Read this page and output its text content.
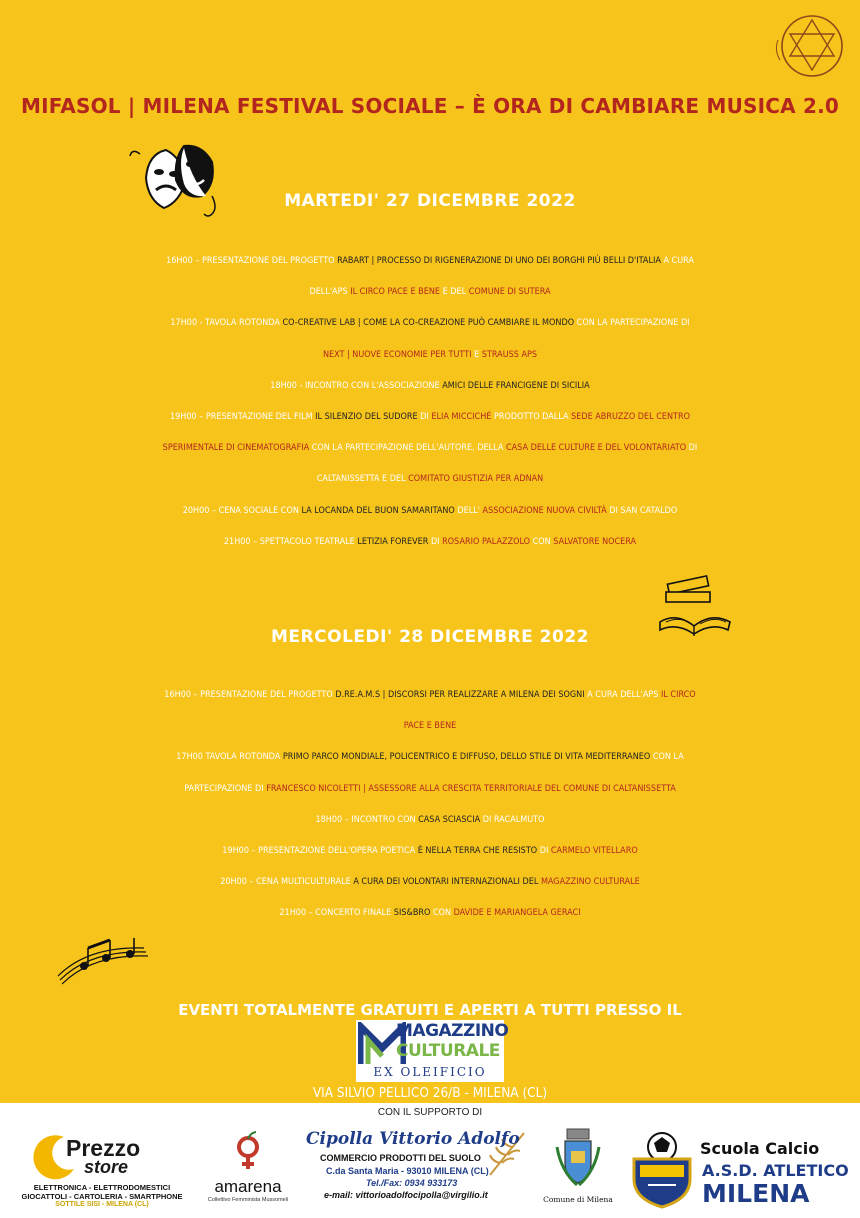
MIFASOL | MILENA FESTIVAL SOCIALE – È ORA DI CAMBIARE MUSICA 2.0
MARTEDI' 27 DICEMBRE 2022
16H00 – PRESENTAZIONE DEL PROGETTO RABART | PROCESSO DI RIGENERAZIONE DI UNO DEI BORGHI PIÙ BELLI D'ITALIA A CURA
DELL'APS IL CIRCO PACE E BENE E DEL COMUNE DI SUTERA
17H00 - TAVOLA ROTONDA CO-CREATIVE LAB | COME LA CO-CREAZIONE PUÒ CAMBIARE IL MONDO CON LA PARTECIPAZIONE DI
NEXT | NUOVE ECONOMIE PER TUTTI E STRAUSS APS
18H00 - INCONTRO CON L'ASSOCIAZIONE AMICI DELLE FRANCIGENE DI SICILIA
19H00 – PRESENTAZIONE DEL FILM IL SILENZIO DEL SUDORE DI ELIA MICCICHÉ PRODOTTO DALLA SEDE ABRUZZO DEL CENTRO
SPERIMENTALE DI CINEMATOGRAFIA CON LA PARTECIPAZIONE DELL'AUTORE, DELLA CASA DELLE CULTURE E DEL VOLONTARIATO DI
CALTANISSETTA E DEL COMITATO GIUSTIZIA PER ADNAN
20H00 – CENA SOCIALE CON LA LOCANDA DEL BUON SAMARITANO DELL' ASSOCIAZIONE NUOVA CIVILTÀ DI SAN CATALDO
21H00 – SPETTACOLO TEATRALE LETIZIA FOREVER DI ROSARIO PALAZZOLO CON SALVATORE NOCERA
MERCOLEDI' 28 DICEMBRE 2022
16H00 – PRESENTAZIONE DEL PROGETTO D.RE.A.M.S | DISCORSI PER REALIZZARE A MILENA DEI SOGNI A CURA DELL'APS IL CIRCO
PACE E BENE
17H00 TAVOLA ROTONDA PRIMO PARCO MONDIALE, POLICENTRICO E DIFFUSO, DELLO STILE DI VITA MEDITERRANEO CON LA
PARTECIPAZIONE DI FRANCESCO NICOLETTI | ASSESSORE ALLA CRESCITA TERRITORIALE DEL COMUNE DI CALTANISSETTA
18H00 – INCONTRO CON CASA SCIASCIA DI RACALMUTO
19H00 – PRESENTAZIONE DELL'OPERA POETICA È NELLA TERRA CHE RESISTO DI CARMELO VITELLARO
20H00 – CENA MULTICULTURALE A CURA DEI VOLONTARI INTERNAZIONALI DEL MAGAZZINO CULTURALE
21H00 – CONCERTO FINALE SIS&BRO CON DAVIDE E MARIANGELA GERACI
EVENTI TOTALMENTE GRATUITI E APERTI A TUTTI PRESSO IL
MAGAZZINO
CULTURALE
EX OLEIFICIO
VIA SILVIO PELLICO 26/B - MILENA (CL)
CON IL SUPPORTO DI
Prezzo
store
ELETTRONICA - ELETTRODOMESTICI
GIOCATTOLI - CARTOLERIA - SMARTPHONE
SOTTILE SISI - MILENA (CL)
amarena
Collettivo Femminista Mussomeli
Cipolla Vittorio Adolfo
COMMERCIO PRODOTTI DEL SUOLO
C.da Santa Maria - 93010 MILENA (CL)
Tel./Fax: 0934 933173
e-mail: vittorioadolfocipolla@virgilio.it	Comune di Milena
Scuola Calcio
A.S.D. ATLETICO
MILENA
